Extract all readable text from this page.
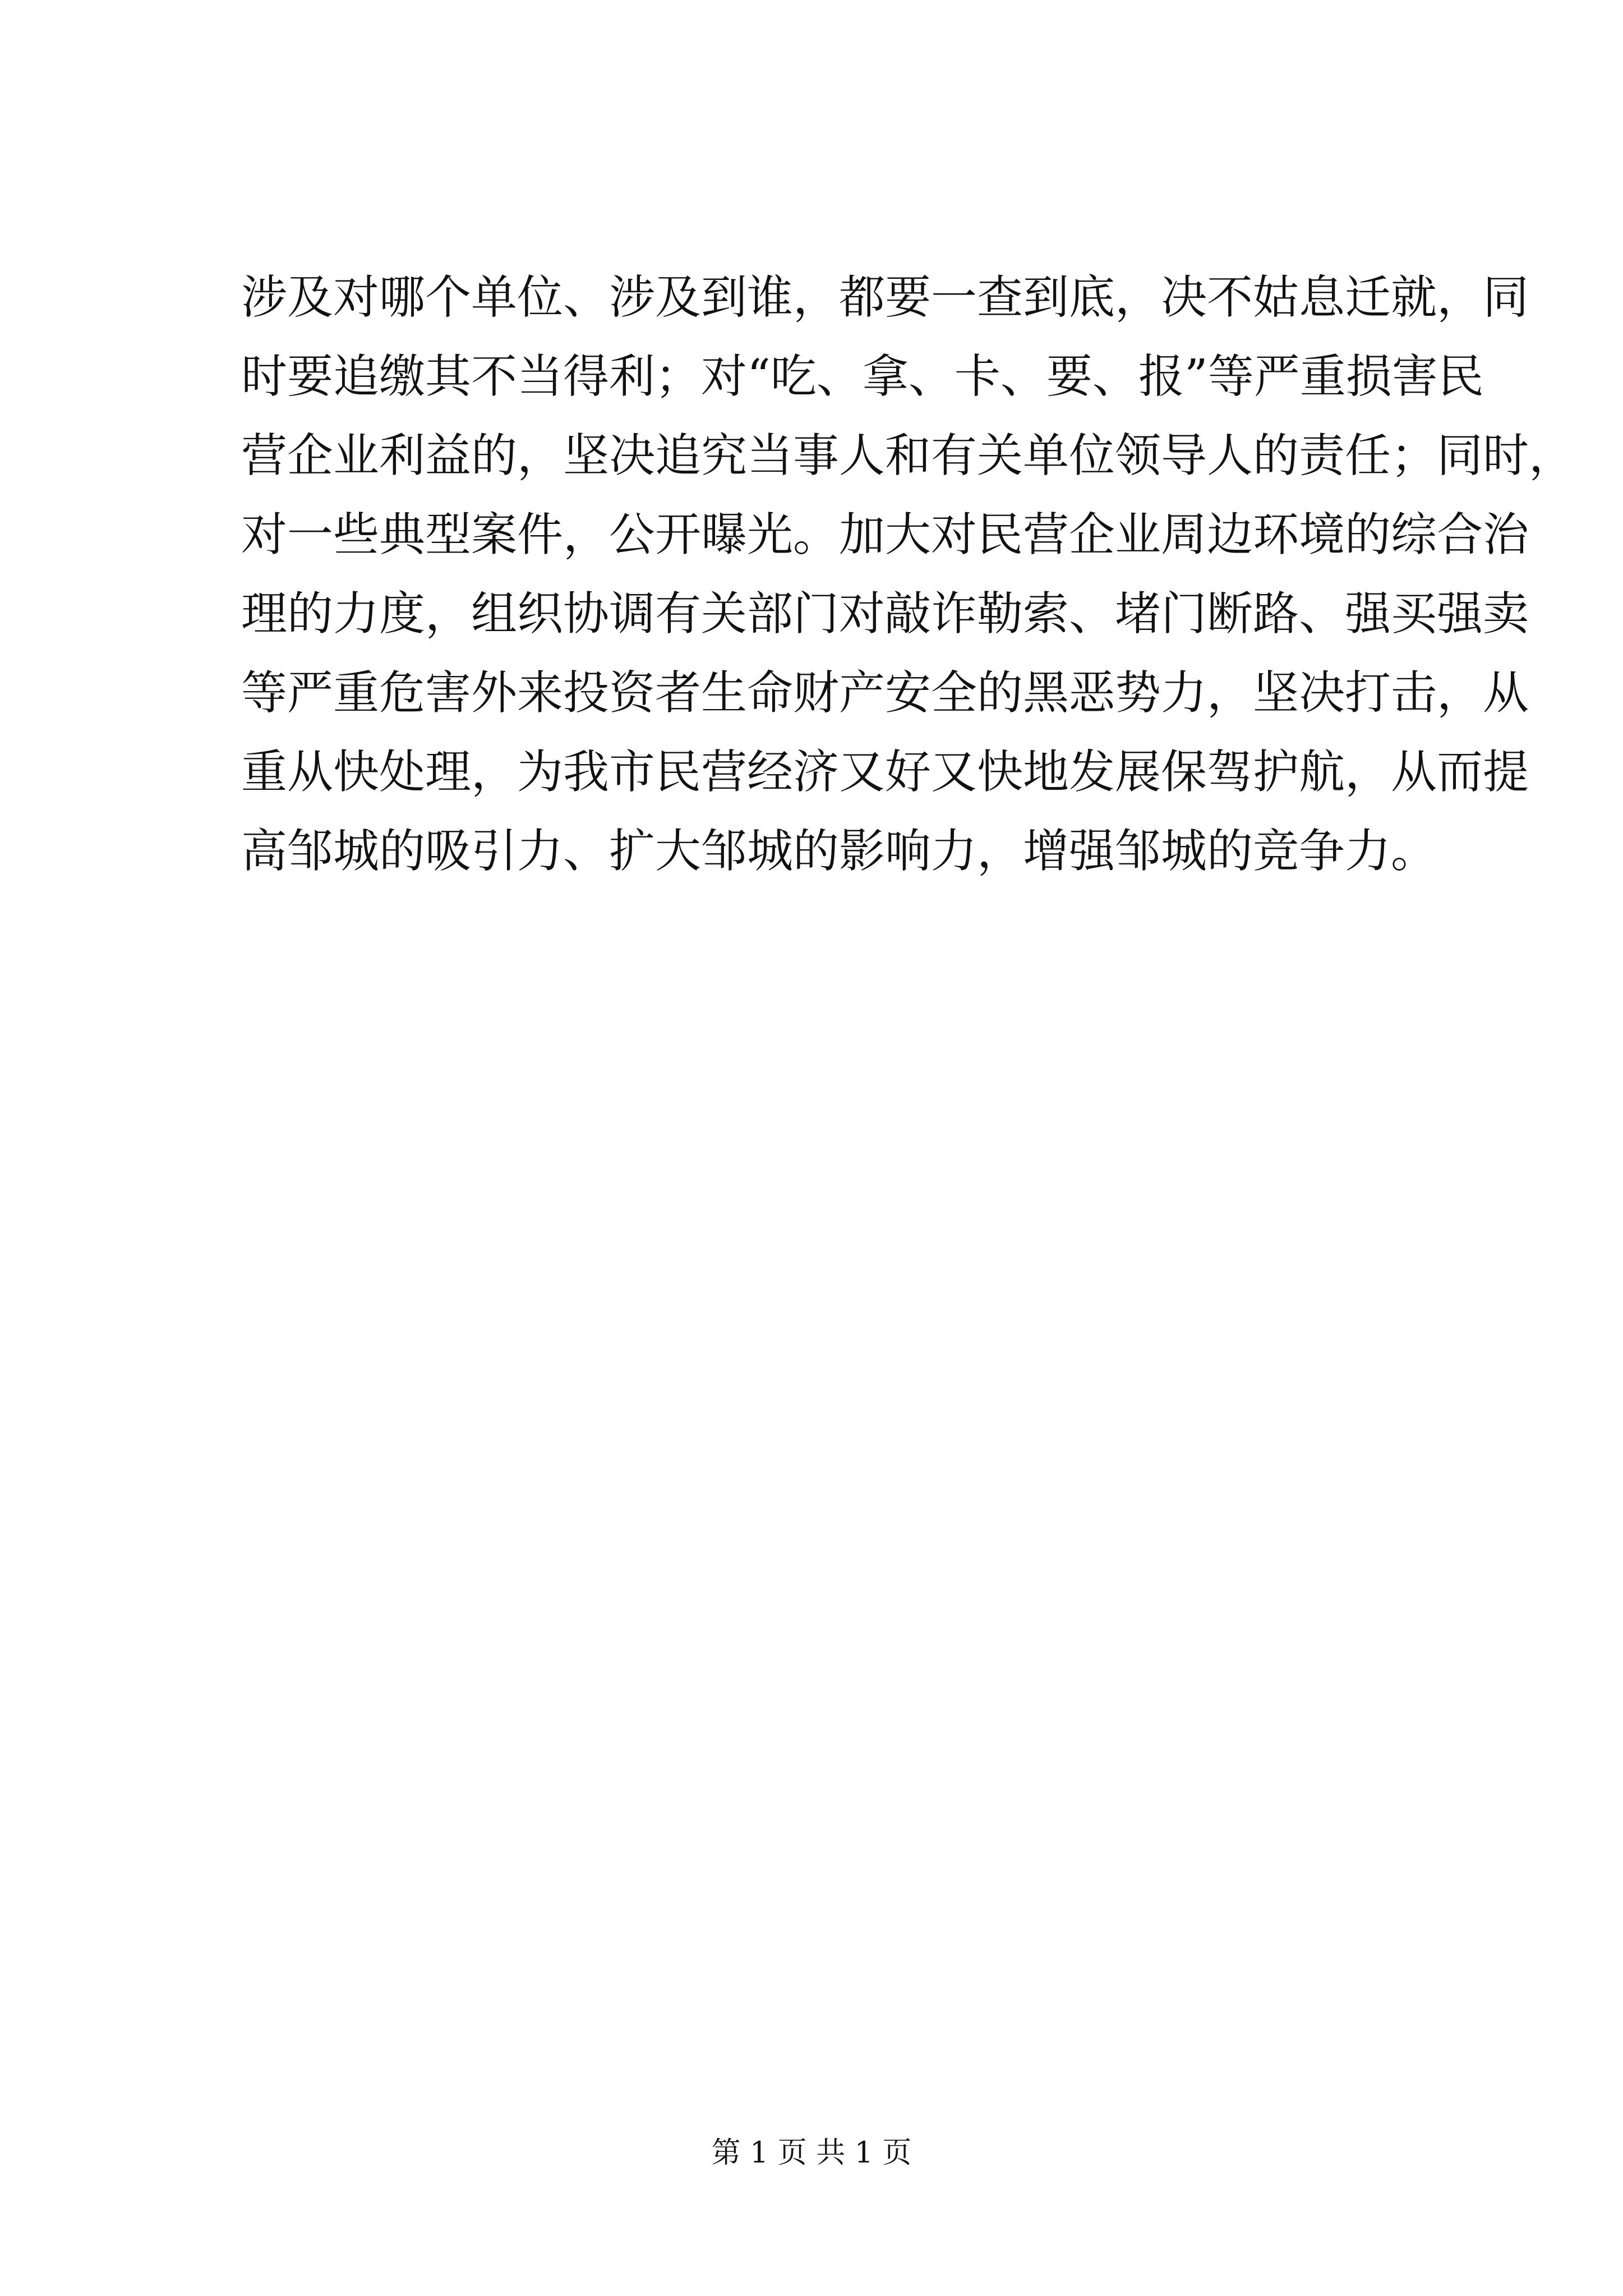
涉及对哪个单位、涉及到谁，都要一查到底，决不姑息迁就，同
时要追缴其不当得利；对“吃、拿、卡、要、报”等严重损害民
营企业利益的，坚决追究当事人和有关单位领导人的责任；同时，
对一些典型案件，公开曝光。加大对民营企业周边环境的综合治
理的力度，组织协调有关部门对敲诈勒索、堵门断路、强买强卖
等严重危害外来投资者生命财产安全的黑恶势力，坚决打击，从
重从快处理，为我市民营经济又好又快地发展保驾护航，从而提
高邹城的吸引力、扩大邹城的影响力，增强邹城的竞争力。
第 1 页 共 1 页
